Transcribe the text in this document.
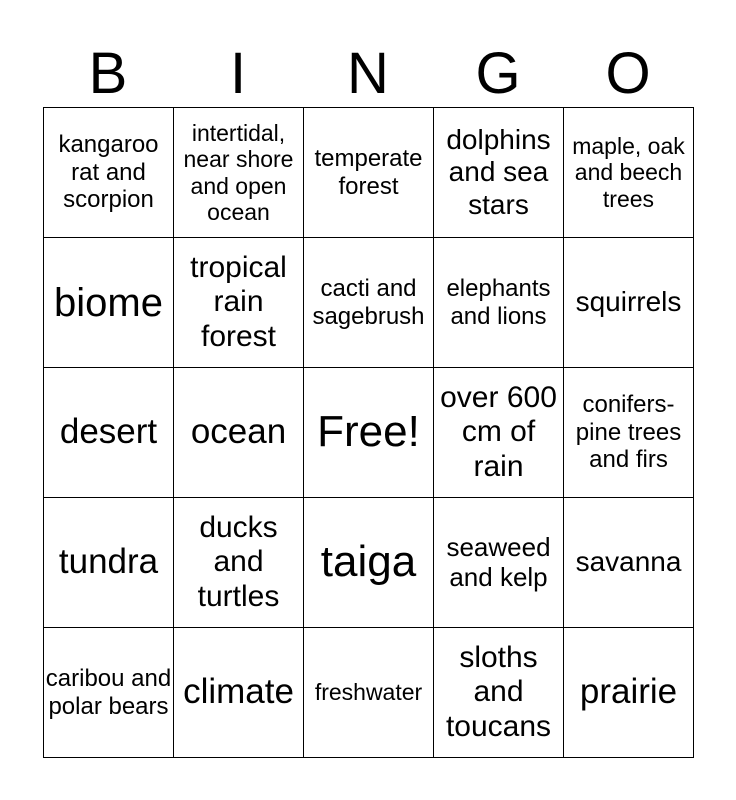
B	I	N	G	O
kangaroo rat and scorpion	intertidal, near shore and open ocean	temperate forest	dolphins and sea stars	maple, oak and beech trees
biome	tropical rain forest	cacti and sagebrush	elephants and lions	squirrels
desert	ocean	Free!	over 600 cm of rain	conifers- pine trees and firs
tundra	ducks and turtles	taiga	seaweed and kelp	savanna
caribou and polar bears	climate	freshwater	sloths and toucans	prairie
